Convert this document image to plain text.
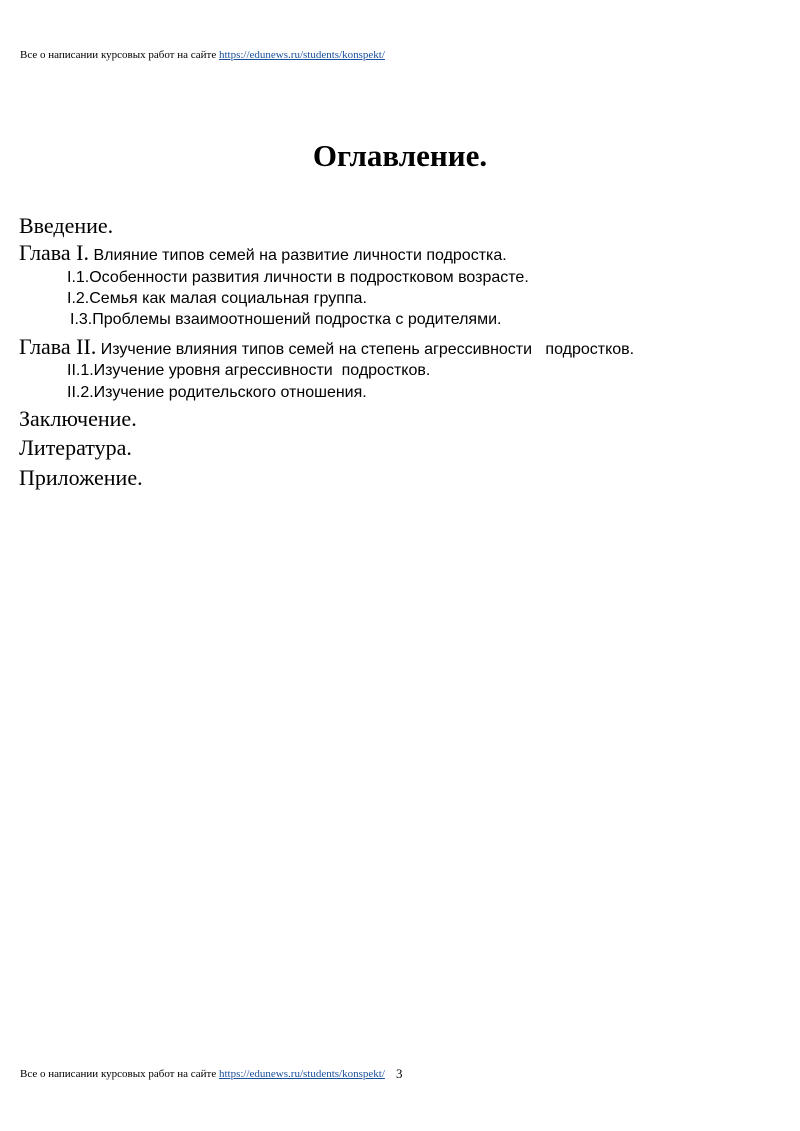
Все о написании курсовых работ на сайте https://edunews.ru/students/konspekt/
Оглавление.
Введение.
Глава I. Влияние типов семей на развитие личности подростка.
I.1.Особенности развития личности в подростковом возрасте.
I.2.Семья как малая социальная группа.
I.3.Проблемы взаимоотношений подростка с родителями.
Глава II. Изучение влияния типов семей на степень агрессивности   подростков.
II.1.Изучение уровня агрессивности  подростков.
II.2.Изучение родительского отношения.
Заключение.
Литература.
Приложение.
Все о написании курсовых работ на сайте https://edunews.ru/students/konspekt/ 3
